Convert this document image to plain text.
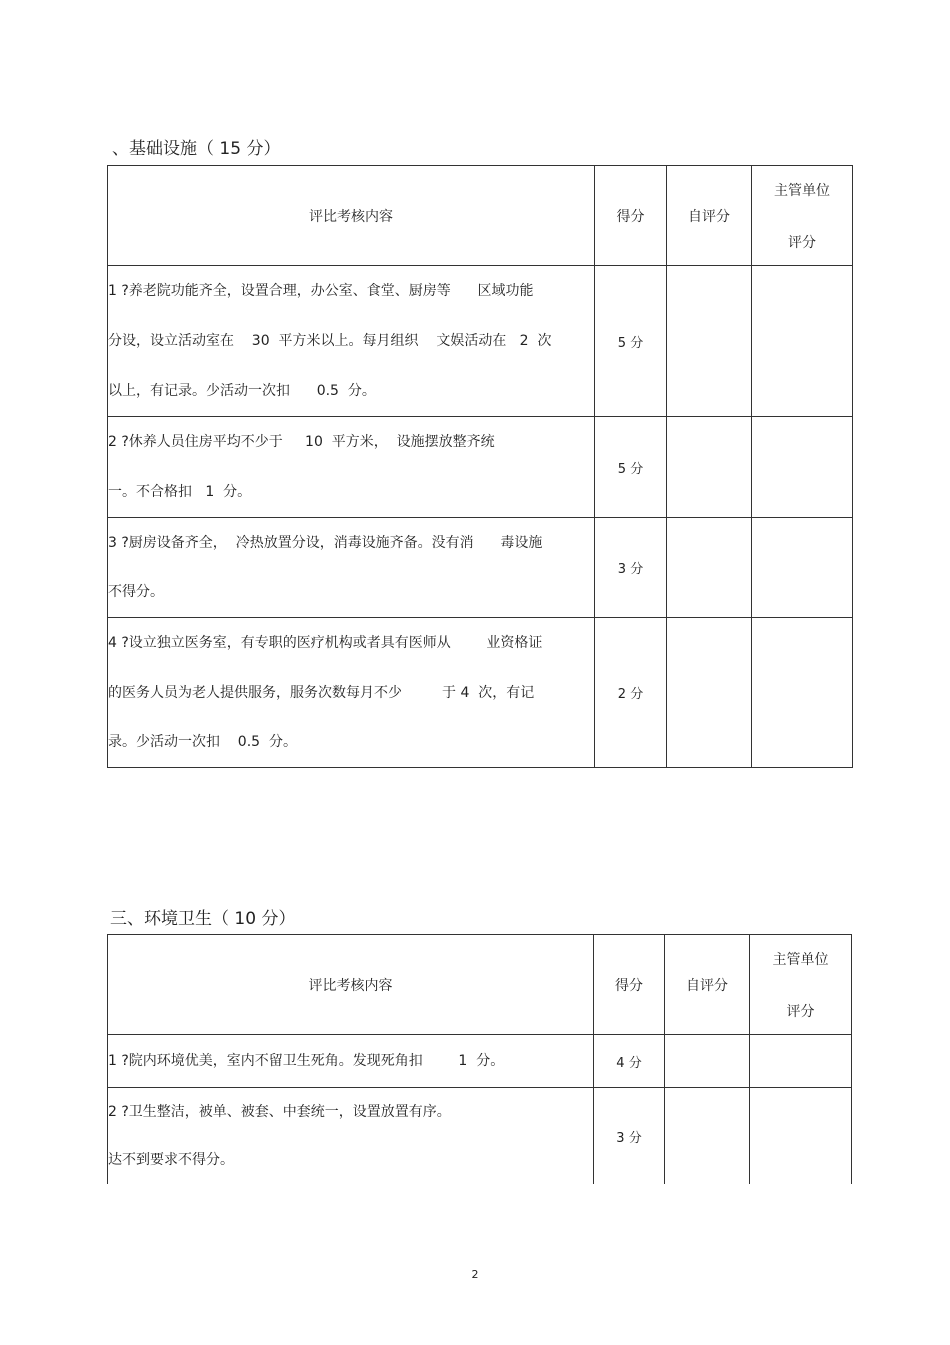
、基础设施（ 15 分）
评比考核内容	得分	自评分	主管单位
评分

1 ?养老院功能齐全，设置合理，办公室、食堂、厨房等      区域功能
分设，设立活动室在    30  平方米以上。每月组织    文娱活动在   2  次
以上，有记录。少活动一次扣      0.5  分。	5 分		

2 ?休养人员住房平均不少于     10  平方米，  设施摆放整齐统
一。不合格扣   1  分。	5 分		

3 ?厨房设备齐全，  冷热放置分设，消毒设施齐备。没有消      毒设施
不得分。	3 分		

4 ?设立独立医务室，有专职的医疗机构或者具有医师从        业资格证
的医务人员为老人提供服务，服务次数每月不少         于 4  次，有记
录。少活动一次扣    0.5  分。	2 分		
三、环境卫生（ 10 分）
评比考核内容	得分	自评分	主管单位
评分

1 ?院内环境优美，室内不留卫生死角。发现死角扣        1  分。	4 分		

2 ?卫生整洁，被单、被套、中套统一，设置放置有序。
达不到要求不得分。	3 分		
2
